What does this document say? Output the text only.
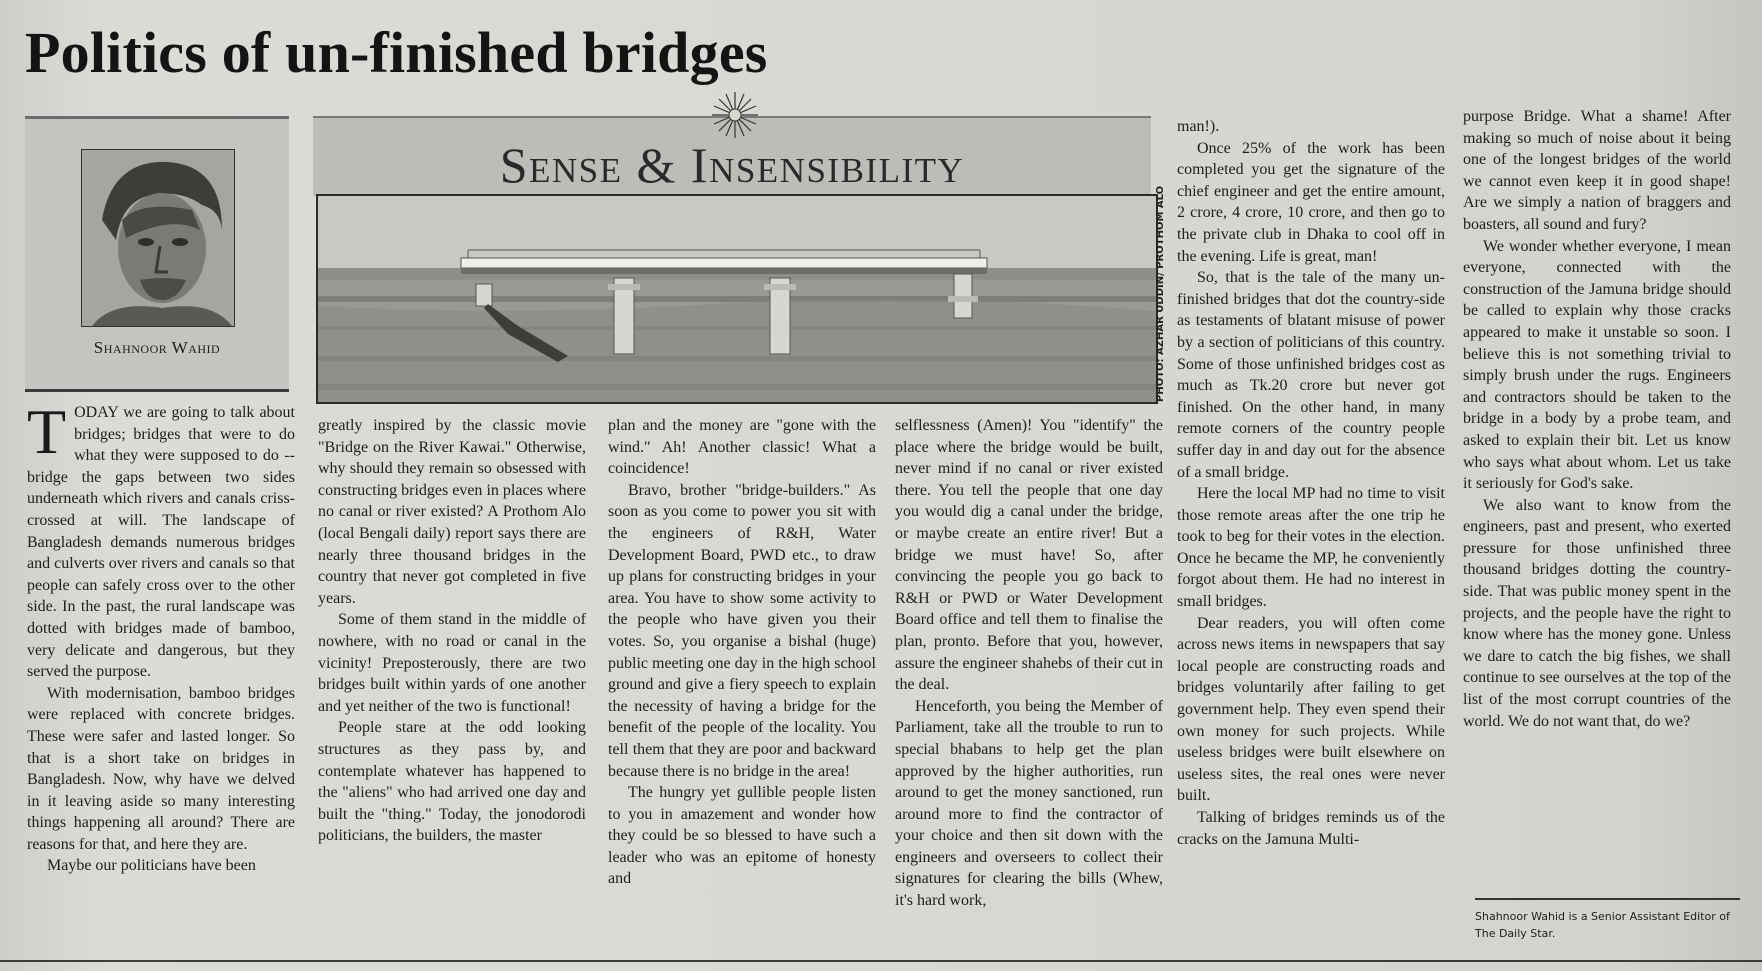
Politics of un-finished bridges
Shahnoor Wahid
Sense & Insensibility
PHOTO: AZHAR UDDIN/ PROTHOM ALO

TODAY we are going to talk about bridges; bridges that were to do what they were supposed to do -- bridge the gaps between two sides underneath which rivers and canals criss-crossed at will. The landscape of Bangladesh demands numerous bridges and culverts over rivers and canals so that people can safely cross over to the other side. In the past, the rural landscape was dotted with bridges made of bamboo, very delicate and dangerous, but they served the purpose.

With modernisation, bamboo bridges were replaced with concrete bridges. These were safer and lasted longer. So that is a short take on bridges in Bangladesh. Now, why have we delved in it leaving aside so many interesting things happening all around? There are reasons for that, and here they are.

Maybe our politicians have been

greatly inspired by the classic movie "Bridge on the River Kawai." Otherwise, why should they remain so obsessed with constructing bridges even in places where no canal or river existed? A Prothom Alo (local Bengali daily) report says there are nearly three thousand bridges in the country that never got completed in five years.

Some of them stand in the middle of nowhere, with no road or canal in the vicinity! Preposterously, there are two bridges built within yards of one another and yet neither of the two is functional!

People stare at the odd looking structures as they pass by, and contemplate whatever has happened to the "aliens" who had arrived one day and built the "thing." Today, the jonodorodi politicians, the builders, the master

plan and the money are "gone with the wind." Ah! Another classic! What a coincidence!

Bravo, brother "bridge-builders." As soon as you come to power you sit with the engineers of R&H, Water Development Board, PWD etc., to draw up plans for constructing bridges in your area. You have to show some activity to the people who have given you their votes. So, you organise a bishal (huge) public meeting one day in the high school ground and give a fiery speech to explain the necessity of having a bridge for the benefit of the people of the locality. You tell them that they are poor and backward because there is no bridge in the area!

The hungry yet gullible people listen to you in amazement and wonder how they could be so blessed to have such a leader who was an epitome of honesty and

selflessness (Amen)! You "identify" the place where the bridge would be built, never mind if no canal or river existed there. You tell the people that one day you would dig a canal under the bridge, or maybe create an entire river! But a bridge we must have! So, after convincing the people you go back to R&H or PWD or Water Development Board office and tell them to finalise the plan, pronto. Before that you, however, assure the engineer shahebs of their cut in the deal.

Henceforth, you being the Member of Parliament, take all the trouble to run to special bhabans to help get the plan approved by the higher authorities, run around to get the money sanctioned, run around more to find the contractor of your choice and then sit down with the engineers and overseers to collect their signatures for clearing the bills (Whew, it's hard work,

man!).

Once 25% of the work has been completed you get the signature of the chief engineer and get the entire amount, 2 crore, 4 crore, 10 crore, and then go to the private club in Dhaka to cool off in the evening. Life is great, man!

So, that is the tale of the many un-finished bridges that dot the country-side as testaments of blatant misuse of power by a section of politicians of this country. Some of those unfinished bridges cost as much as Tk.20 crore but never got finished. On the other hand, in many remote corners of the country people suffer day in and day out for the absence of a small bridge.

Here the local MP had no time to visit those remote areas after the one trip he took to beg for their votes in the election. Once he became the MP, he conveniently forgot about them. He had no interest in small bridges.

Dear readers, you will often come across news items in newspapers that say local people are constructing roads and bridges voluntarily after failing to get government help. They even spend their own money for such projects. While useless bridges were built elsewhere on useless sites, the real ones were never built.

Talking of bridges reminds us of the cracks on the Jamuna Multi-

purpose Bridge. What a shame! After making so much of noise about it being one of the longest bridges of the world we cannot even keep it in good shape! Are we simply a nation of braggers and boasters, all sound and fury?

We wonder whether everyone, I mean everyone, connected with the construction of the Jamuna bridge should be called to explain why those cracks appeared to make it unstable so soon. I believe this is not something trivial to simply brush under the rugs. Engineers and contractors should be taken to the bridge in a body by a probe team, and asked to explain their bit. Let us know who says what about whom. Let us take it seriously for God's sake.

We also want to know from the engineers, past and present, who exerted pressure for those unfinished three thousand bridges dotting the country-side. That was public money spent in the projects, and the people have the right to know where has the money gone. Unless we dare to catch the big fishes, we shall continue to see ourselves at the top of the list of the most corrupt countries of the world. We do not want that, do we?

Shahnoor Wahid is a Senior Assistant Editor of The Daily Star.
